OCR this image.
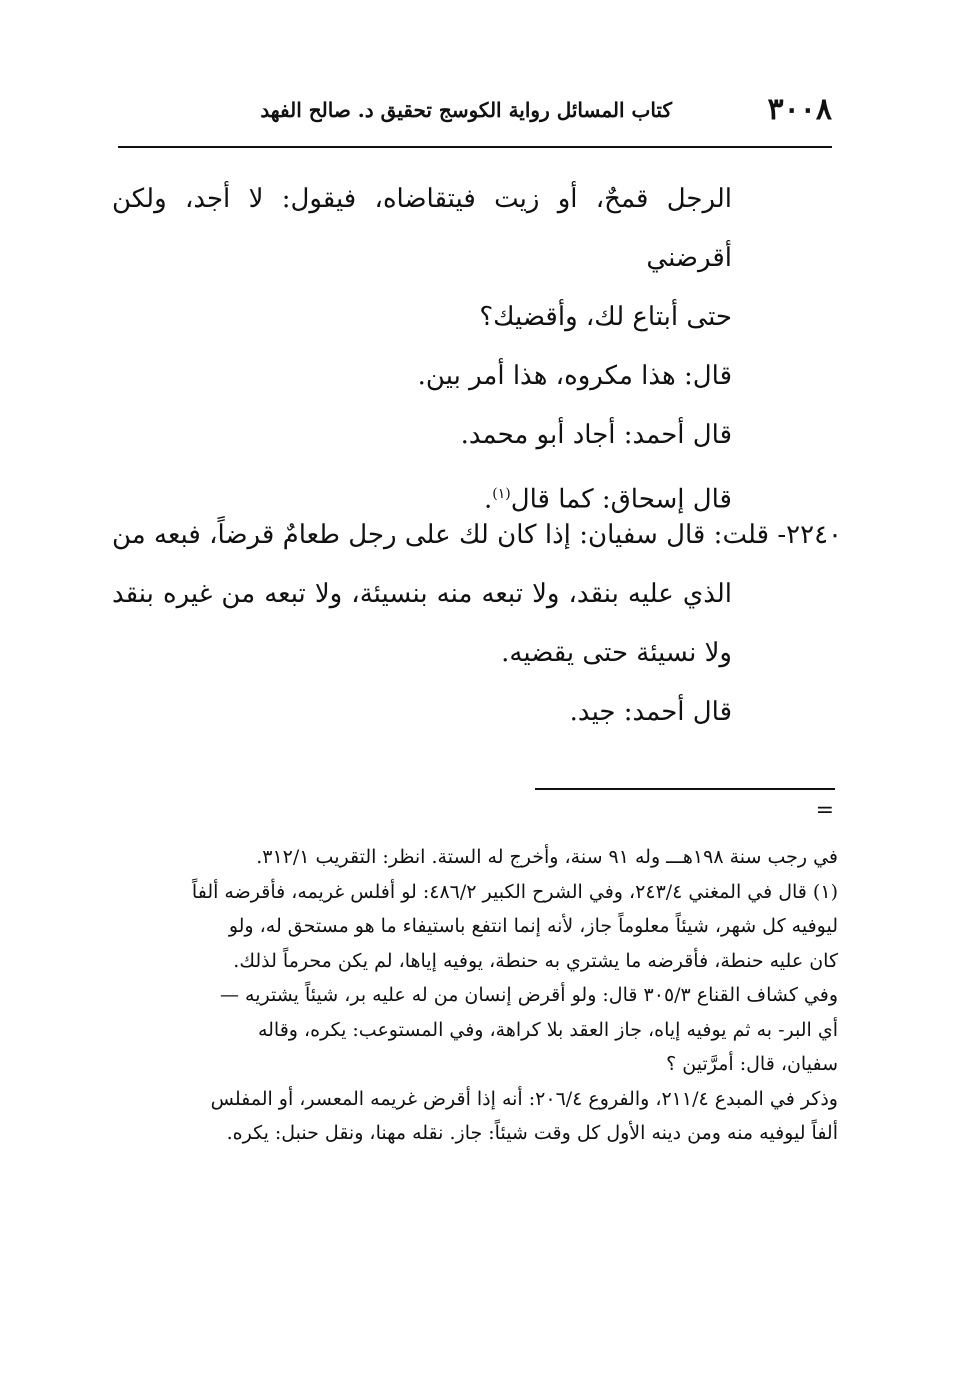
٣٠٠٨
كتاب المسائل رواية الكوسج تحقيق د. صالح الفهد

الرجل قمحٌ، أو زيت فيتقاضاه، فيقول: لا أجد، ولكن أقرضني

حتى أبتاع لك، وأقضيك؟

قال: هذا مكروه، هذا أمر بين.

قال أحمد: أجاد أبو محمد.

قال إسحاق: كما قال$^{(١)}$.

٢٢٤٠- قلت: قال سفيان: إذا كان لك على رجل طعامٌ قرضاً، فبعه من
الذي عليه بنقد، ولا تبعه منه بنسيئة، ولا تبعه من غيره بنقد
ولا نسيئة حتى يقضيه.
قال أحمد: جيد.
=

في رجب سنة ١٩٨هـــ وله ٩١ سنة، وأخرج له الستة. انظر: التقريب ٣١٢/١.

(١) قال في المغني ٢٤٣/٤، وفي الشرح الكبير ٤٨٦/٢: لو أفلس غريمه، فأقرضه ألفاً

ليوفيه كل شهر، شيئاً معلوماً جاز، لأنه إنما انتفع باستيفاء ما هو مستحق له، ولو

كان عليه حنطة، فأقرضه ما يشتري به حنطة، يوفيه إياها، لم يكن محرماً لذلك.

وفي كشاف القناع ٣٠٥/٣ قال: ولو أقرض إنسان من له عليه بر، شيئاً يشتريه —

أي البر- به ثم يوفيه إياه، جاز العقد بلا كراهة، وفي المستوعب: يكره، وقاله

سفيان، قال: أمرَّتين ؟

وذكر في المبدع ٢١١/٤، والفروع ٢٠٦/٤: أنه إذا أقرض غريمه المعسر، أو المفلس

ألفاً ليوفيه منه ومن دينه الأول كل وقت شيئاً: جاز. نقله مهنا، ونقل حنبل: يكره.
